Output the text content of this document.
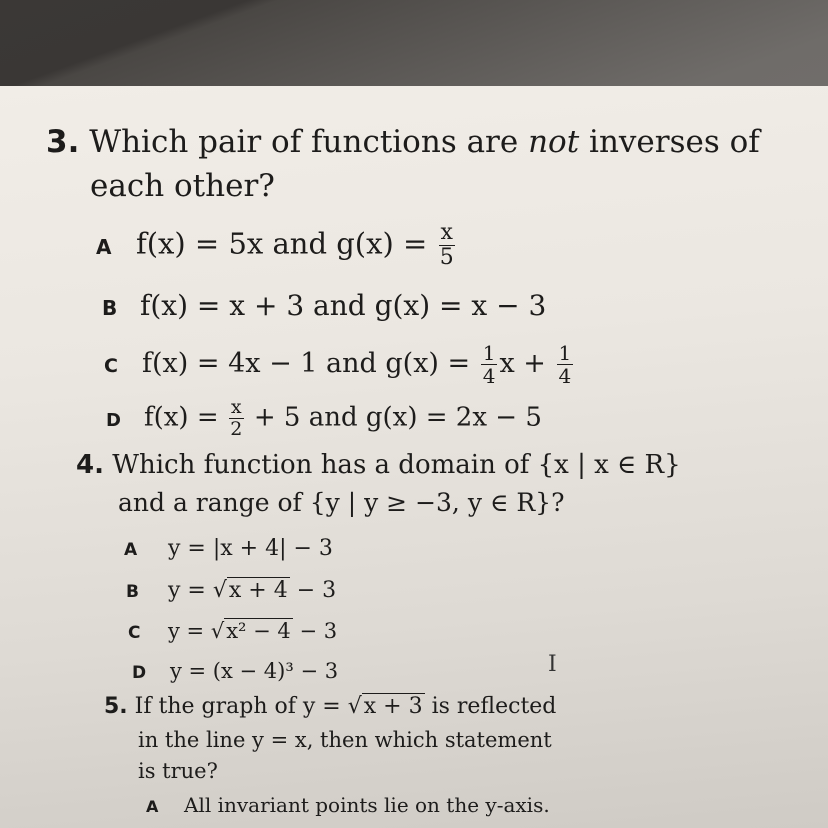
3. Which pair of functions are not inverses of
each other?
A f(x) = 5x and $g(x) = \frac{x}{5}$
B f(x) = x + 3 and g(x) = x − 3
C f(x) = 4x − 1 and $g(x) = \frac{1}{4}$ $x + \frac{1}{4}$
D $f(x) = \frac{x}{2} + 5$ and g(x) = 2x − 5
4. Which function has a domain of {x | x ∈ R}
and a range of {y | y ≥ −3, y ∈ R}?
A y = |x + 4| − 3
B y = √x + 4 − 3
C y = √x² − 4 − 3
D y = (x − 4)³ − 3	I
5. If the graph of y = √x + 3 is reflected
in the line y = x, then which statement
is true?
A All invariant points lie on the y-axis.
